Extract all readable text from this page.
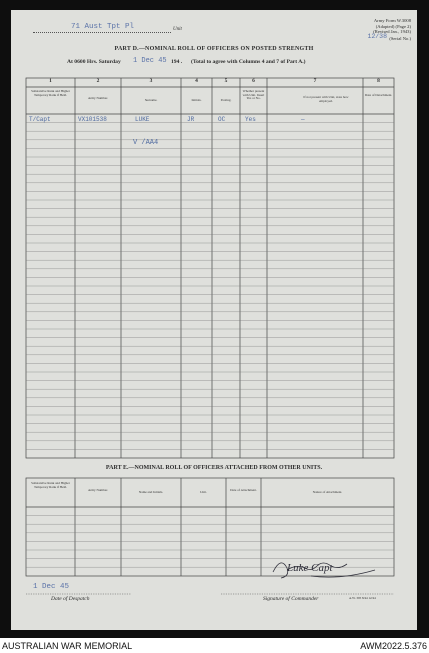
71 Aust Tpt Pl	Unit
Army Form W.3008
(Adapted) (Page 2)
(Revised Jan., 1943)
12/38 (Serial No.)
PART D.—NOMINAL ROLL OF OFFICERS ON POSTED STRENGTH
At 0600 Hrs. Saturday 1 Dec 45 194 . (Total to agree with Columns 4 and 7 of Part A.)
1	2	3	4	5	6	7	8
Substantive Rank and Higher Temporary Rank if Held.
Army Number.	Surname.	Initials.	Posting.
Whether present with Unit. Insert Yes or No.	If not present with Unit, state how employed.
Date of Detachment.
T/Capt	VX101538	LUKE	JR	OC	Yes	—
V /AA4
PART E.—NOMINAL ROLL OF OFFICERS ATTACHED FROM OTHER UNITS.
Substantive Rank and Higher Temporary Rank if Held.
Army Number.	Name and Initials.	Unit.	Date of Attachment.	Nature of Attachment.
1 Dec 45
Date of Despatch
Luke Capt
Signature of Commander	A.W. 395 8/44 12/44
AUSTRALIAN WAR MEMORIAL	AWM2022.5.376
